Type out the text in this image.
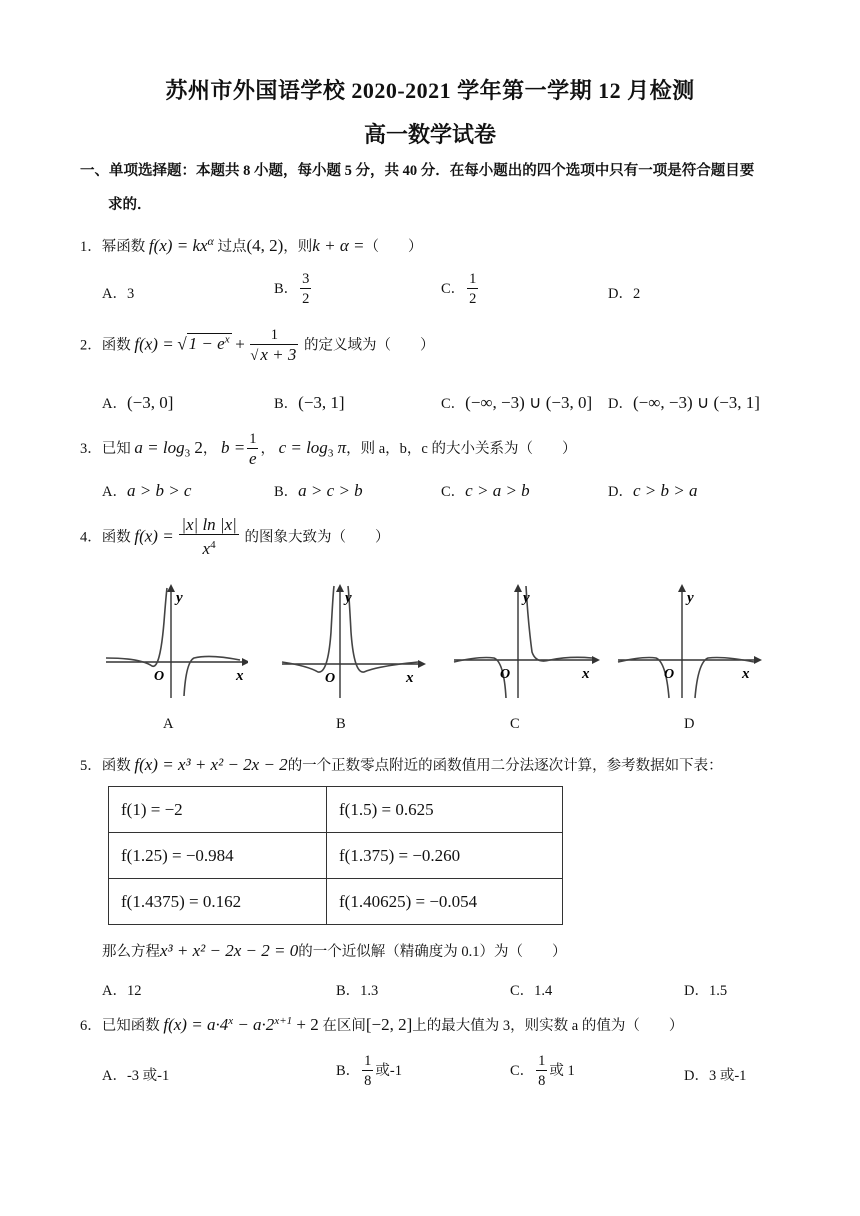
苏州市外国语学校 2020-2021 学年第一学期 12 月检测
高一数学试卷
一、单项选择题：本题共 8 小题，每小题 5 分，共 40 分．在每小题出的四个选项中只有一项是符合题目要
求的．
1．幂函数 $f(x) = kx^\alpha$ 过点(4, 2)，则k + α =（　　）
A．3	B． $\frac{3}{2}$	C． $\frac{1}{2}$	D．2
2．函数 f(x) = √ $1 - e^x + \frac{1}{√ x + 3}$ 的定义域为（　　）
A．(−3, 0]	B．(−3, 1]	C．(−∞, −3) ∪ (−3, 0] D．(−∞, −3) ∪ (−3, 1]
3．已知 $a = \log_3 2$， $b = \frac{1}{e}$ ， $c = \log_3 \pi$，则 a，b，c 的大小关系为（　　）
A．a > b > c	B．a > c > b	C．c > a > b	D．c > b > a
4．函数 $f(x) = \frac{|x| \ln |x|}{x^4}$ 的图象大致为（　　）
y
x
O
y
x
O
y
x
O
y
x
O
A	B	C	D
5．函数 f(x) = x³ + x² − 2x − 2的一个正数零点附近的函数值用二分法逐次计算，参考数据如下表：
f(1) = −2	f(1.5) = 0.625
f(1.25) = −0.984	f(1.375) = −0.260
f(1.4375) = 0.162	f(1.40625) = −0.054
那么方程x³ + x² − 2x − 2 = 0的一个近似解（精确度为 0.1）为（　　）
A．12	B．1.3	C．1.4	D．1.5
6．已知函数 $f(x) = a\cdot 4^x - a\cdot 2^{x+1} + 2$ 在区间[−2, 2]上的最大值为 3，则实数 a 的值为（　　）
A．-3 或-1	B． $\frac{1}{8}$ 或-1	C． $\frac{1}{8}$ 或 1	D．3 或-1
